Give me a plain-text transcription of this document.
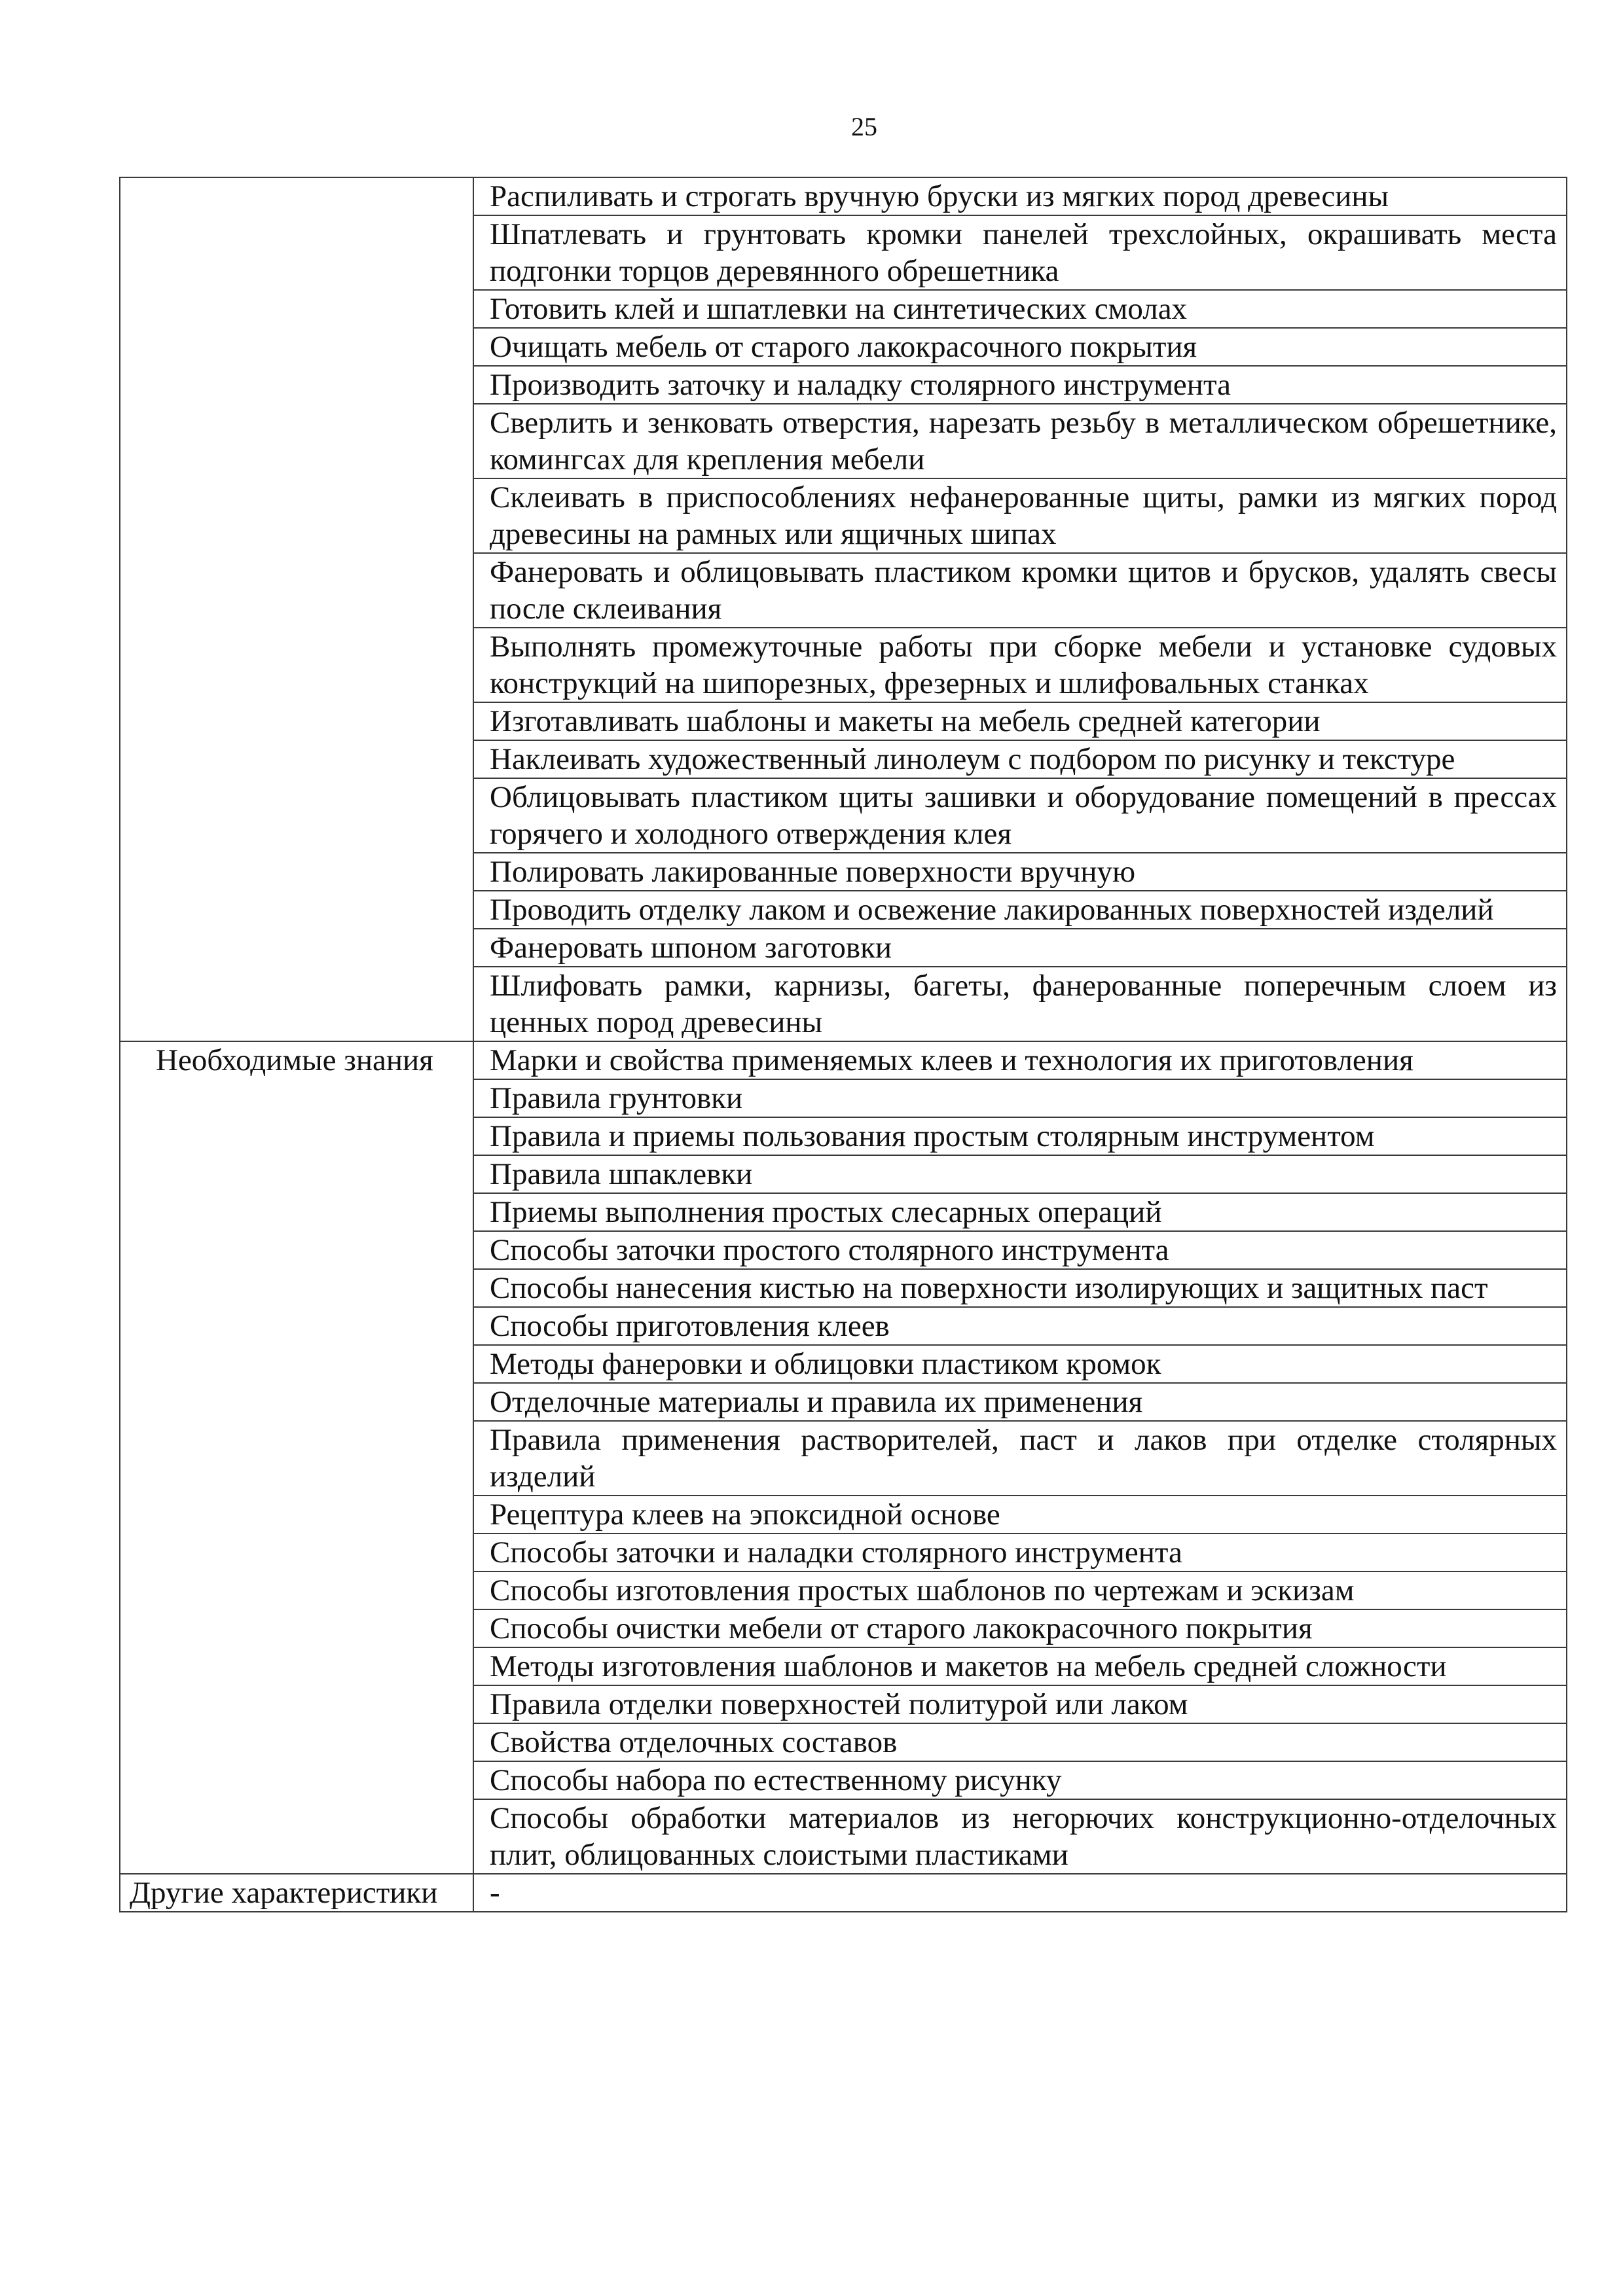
25

	Распиливать и строгать вручную бруски из мягких пород древесины

	Шпатлевать и грунтовать кромки панелей трехслойных, окрашивать места подгонки торцов деревянного обрешетника

	Готовить клей и шпатлевки на синтетических смолах

	Очищать мебель от старого лакокрасочного покрытия

	Производить заточку и наладку столярного инструмента

	Сверлить и зенковать отверстия, нарезать резьбу в металлическом обрешетнике, комингсах для крепления мебели

	Склеивать в приспособлениях нефанерованные щиты, рамки из мягких пород древесины на рамных или ящичных шипах

	Фанеровать и облицовывать пластиком кромки щитов и брусков, удалять свесы после склеивания

	Выполнять промежуточные работы при сборке мебели и установке судовых конструкций на шипорезных, фрезерных и шлифовальных станках

	Изготавливать шаблоны и макеты на мебель средней категории

	Наклеивать художественный линолеум с подбором по рисунку и текстуре

	Облицовывать пластиком щиты зашивки и оборудование помещений в прессах горячего и холодного отверждения клея

	Полировать лакированные поверхности вручную

	Проводить отделку лаком и освежение лакированных поверхностей изделий

	Фанеровать шпоном заготовки

	Шлифовать рамки, карнизы, багеты, фанерованные поперечным слоем из ценных пород древесины

Необходимые знания	Марки и свойства применяемых клеев и технология их приготовления

	Правила грунтовки

	Правила и приемы пользования простым столярным инструментом

	Правила шпаклевки

	Приемы выполнения простых слесарных операций

	Способы заточки простого столярного инструмента

	Способы нанесения кистью на поверхности изолирующих и защитных паст

	Способы приготовления клеев

	Методы фанеровки и облицовки пластиком кромок

	Отделочные материалы и правила их применения

	Правила применения растворителей, паст и лаков при отделке столярных изделий

	Рецептура клеев на эпоксидной основе

	Способы заточки и наладки столярного инструмента

	Способы изготовления простых шаблонов по чертежам и эскизам

	Способы очистки мебели от старого лакокрасочного покрытия

	Методы изготовления шаблонов и макетов на мебель средней сложности

	Правила отделки поверхностей политурой или лаком

	Свойства отделочных составов

	Способы набора по естественному рисунку

	Способы обработки материалов из негорючих конструкционно-отделочных плит, облицованных слоистыми пластиками

Другие характеристики	-
